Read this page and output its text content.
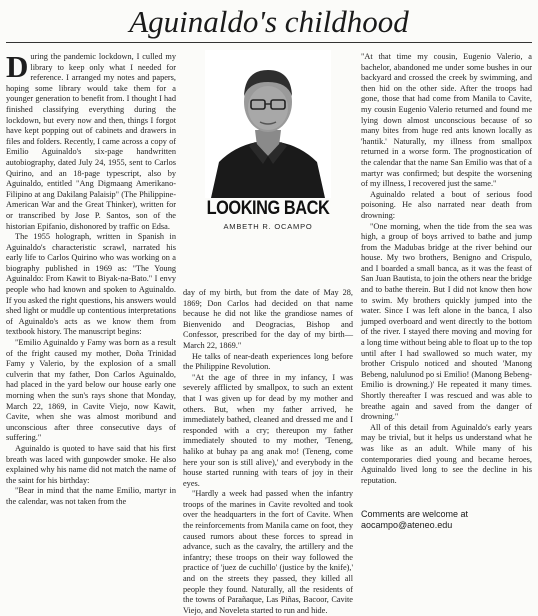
Aguinaldo's childhood

During the pandemic lockdown, I culled my library to keep only what I needed for reference. I arranged my notes and papers, hoping some library would take them for a younger generation to benefit from. I thought I had finished classifying everything during the lockdown, but every now and then, things I forgot have kept popping out of cabinets and drawers in files and folders. Recently, I came across a copy of Emilio Aguinaldo's six-page handwritten autobiography, dated July 24, 1955, sent to Carlos Quirino, and an 18-page typescript, also by Aguinaldo, entitled "Ang Digmaang Amerikano-Filipino at ang Dakilang Palaisip" (The Philippine-American War and the Great Thinker), written for or transcribed by Jose P. Santos, son of the historian Epifanio, dishonored by traffic on Edsa.

The 1955 holograph, written in Spanish in Aguinaldo's characteristic scrawl, narrated his early life to Carlos Quirino who was working on a biography published in 1969 as: "The Young Aguinaldo: From Kawit to Biyak-na-Bato." I envy people who had known and spoken to Aguinaldo. If you asked the right questions, his answers would shed light or muddle up contentious interpretations of Aguinaldo's acts as we know them from textbook history. The manuscript begins:

"Emilio Aguinaldo y Famy was born as a result of the fright caused my mother, Doña Trinidad Famy y Valerio, by the explosion of a small culverin that my father, Don Carlos Aguinaldo, had placed in the yard below our house early one morning when the sun's rays shone that Monday, March 22, 1869, in Cavite Viejo, now Kawit, Cavite, when she was almost moribund and unconscious after three consecutive days of suffering."

Aguinaldo is quoted to have said that his first breath was laced with gunpowder smoke. He also explained why his name did not match the name of the saint for his birthday:

"Bear in mind that the name Emilio, martyr in the calendar, was not taken from the

LOOKING BACK
AMBETH R. OCAMPO

day of my birth, but from the date of May 28, 1869; Don Carlos had decided on that name because he did not like the grandiose names of Bienvenido and Deogracias, Bishop and Confessor, prescribed for the day of my birth—March 22, 1869."

He talks of near-death experiences long before the Philippine Revolution.

"At the age of three in my infancy, I was severely afflicted by smallpox, to such an extent that I was given up for dead by my mother and others. But, when my father arrived, he immediately bathed, cleaned and dressed me and I responded with a cry; thereupon my father immediately shouted to my mother, 'Teneng, haliko at buhay pa ang anak mo! (Teneng, come here your son is still alive),' and everybody in the house started running with tears of joy in their eyes.

"Hardly a week had passed when the infantry troops of the marines in Cavite revolted and took over the headquarters in the fort of Cavite. When the reinforcements from Manila came on foot, they caused rumors about these forces to spread in advance, such as the cavalry, the artillery and the infantry; these troops on their way followed the practice of 'juez de cuchillo' (justice by the knife),' and on the streets they passed, they killed all people they found. Naturally, all the residents of the towns of Parañaque, Las Piñas, Bacoor, Cavite Viejo, and Noveleta started to run and hide.

"At that time my cousin, Eugenio Valerio, a bachelor, abandoned me under some bushes in our backyard and crossed the creek by swimming, and then hid on the other side. After the troops had gone, those that had come from Manila to Cavite, my cousin Eugenio Valerio returned and found me lying down almost unconscious because of so many bites from huge red ants known locally as 'hantik.' Naturally, my illness from smallpox returned in a worse form. The prognostication of the calendar that the name San Emilio was that of a martyr was confirmed; but despite the worsening of my illness, I recovered just the same."

Aguinaldo related a bout of serious food poisoning. He also narrated near death from drowning:

"One morning, when the tide from the sea was high, a group of boys arrived to bathe and jump from the Madubas bridge at the river behind our house. My two brothers, Benigno and Crispulo, and I boarded a small banca, as it was the feast of San Juan Bautista, to join the others near the bridge and to bathe therein. But I did not know then how to swim. My brothers quickly jumped into the water. Since I was left alone in the banca, I also jumped overboard and went directly to the bottom of the river. I stayed there moving and moving for a long time without being able to float up to the top until after I had swallowed so much water, my brother Crispulo noticed and shouted 'Manong Bebeng, nalulunod po si Emilio! (Manong Bebeng-Emilio is drowning.)' He repeated it many times. Shortly thereafter I was rescued and was able to breathe again and saved from the danger of drowning."

All of this detail from Aguinaldo's early years may be trivial, but it helps us understand what he was like as an adult. While many of his contemporaries died young and became heroes, Aguinaldo lived long to see the decline in his reputation.

Comments are welcome at aocampo@ateneo.edu
